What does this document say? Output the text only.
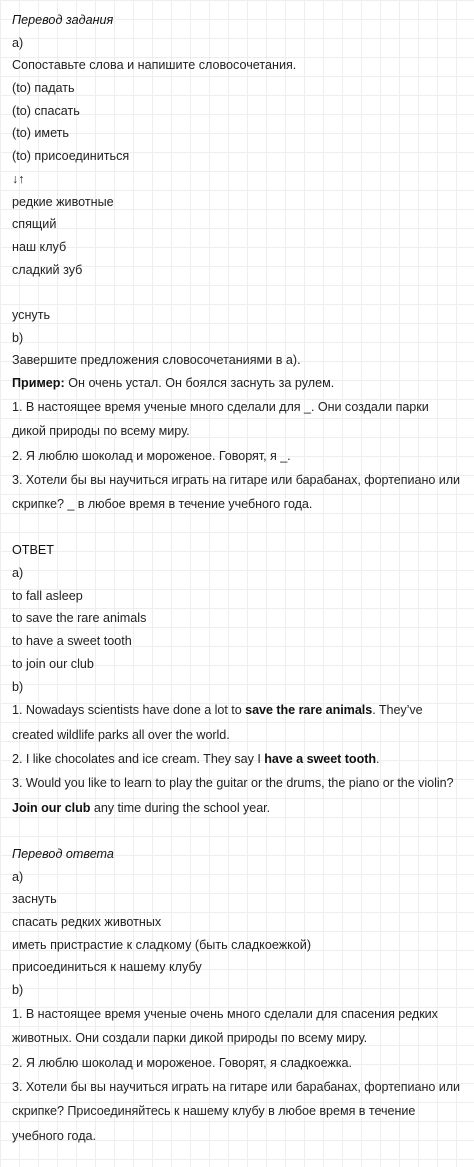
Перевод задания
а)
Сопоставьте слова и напишите словосочетания.
(to) падать
(to) спасать
(to) иметь
(to) присоединиться
↓↑
редкие животные
спящий
наш клуб
сладкий зуб
уснуть
b)
Завершите предложения словосочетаниями в а).
Пример: Он очень устал. Он боялся заснуть за рулем.
1. В настоящее время ученые много сделали для _. Они создали парки дикой природы по всему миру.
2. Я люблю шоколад и мороженое. Говорят, я _.
3. Хотели бы вы научиться играть на гитаре или барабанах, фортепиано или скрипке? _ в любое время в течение учебного года.
ОТВЕТ
a)
to fall asleep
to save the rare animals
to have a sweet tooth
to join our club
b)
1. Nowadays scientists have done a lot to save the rare animals. They’ve created wildlife parks all over the world.
2. I like chocolates and ice cream. They say I have a sweet tooth.
3. Would you like to learn to play the guitar or the drums, the piano or the violin? Join our club any time during the school year.
Перевод ответа
а)
заснуть
спасать редких животных
иметь пристрастие к сладкому (быть сладкоежкой)
присоединиться к нашему клубу
b)
1. В настоящее время ученые очень много сделали для спасения редких животных. Они создали парки дикой природы по всему миру.
2. Я люблю шоколад и мороженое. Говорят, я сладкоежка.
3. Хотели бы вы научиться играть на гитаре или барабанах, фортепиано или скрипке? Присоединяйтесь к нашему клубу в любое время в течение учебного года.
